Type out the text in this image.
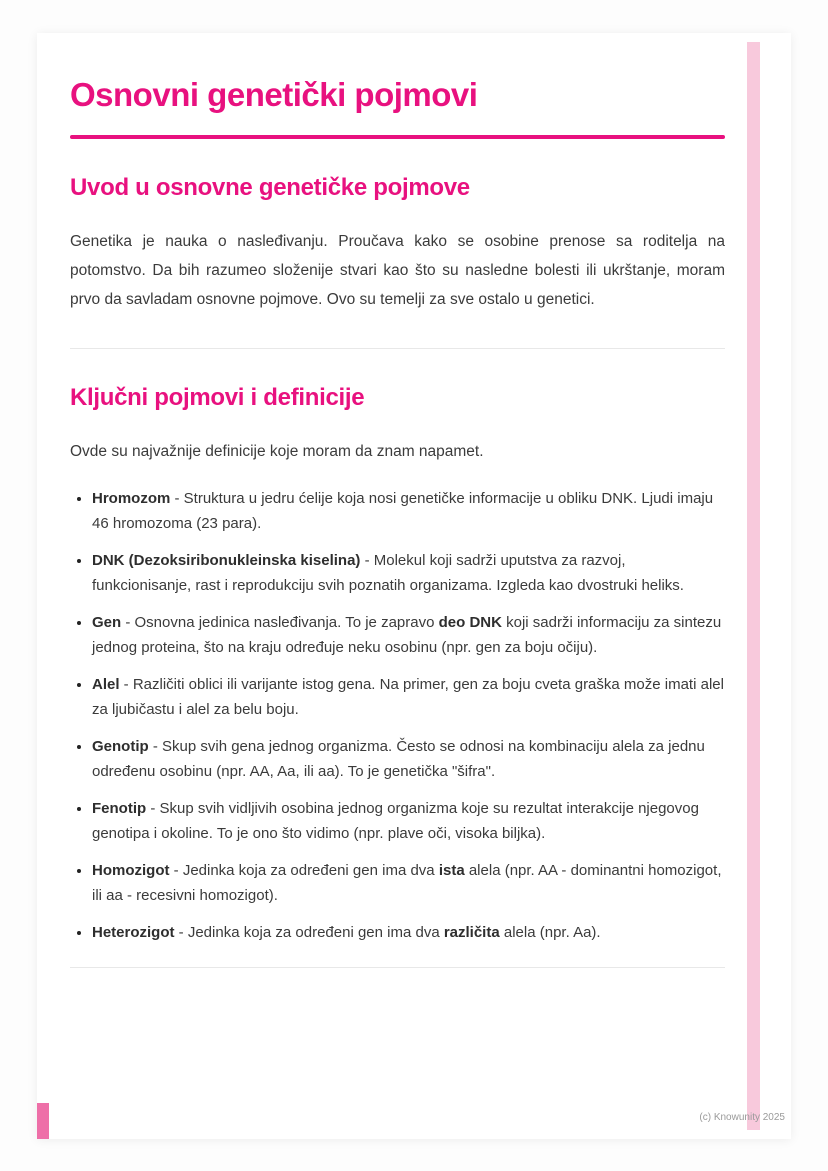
Osnovni genetički pojmovi
Uvod u osnovne genetičke pojmove

Genetika je nauka o nasleđivanju. Proučava kako se osobine prenose sa roditelja na potomstvo. Da bih razumeo složenije stvari kao što su nasledne bolesti ili ukrštanje, moram prvo da savladam osnovne pojmove. Ovo su temelji za sve ostalo u genetici.

Ključni pojmovi i definicije

Ovde su najvažnije definicije koje moram da znam napamet.

• Hromozom - Struktura u jedru ćelije koja nosi genetičke informacije u obliku DNK. Ljudi imaju 46 hromozoma (23 para).
• DNK (Dezoksiribonukleinska kiselina) - Molekul koji sadrži uputstva za razvoj, funkcionisanje, rast i reprodukciju svih poznatih organizama. Izgleda kao dvostruki heliks.
• Gen - Osnovna jedinica nasleđivanja. To je zapravo deo DNK koji sadrži informaciju za sintezu jednog proteina, što na kraju određuje neku osobinu (npr. gen za boju očiju).
• Alel - Različiti oblici ili varijante istog gena. Na primer, gen za boju cveta graška može imati alel za ljubičastu i alel za belu boju.
• Genotip - Skup svih gena jednog organizma. Često se odnosi na kombinaciju alela za jednu određenu osobinu (npr. AA, Aa, ili aa). To je genetička "šifra".
• Fenotip - Skup svih vidljivih osobina jednog organizma koje su rezultat interakcije njegovog genotipa i okoline. To je ono što vidimo (npr. plave oči, visoka biljka).
• Homozigot - Jedinka koja za određeni gen ima dva ista alela (npr. AA - dominantni homozigot, ili aa - recesivni homozigot).
• Heterozigot - Jedinka koja za određeni gen ima dva različita alela (npr. Aa).
(c) Knowunity 2025
